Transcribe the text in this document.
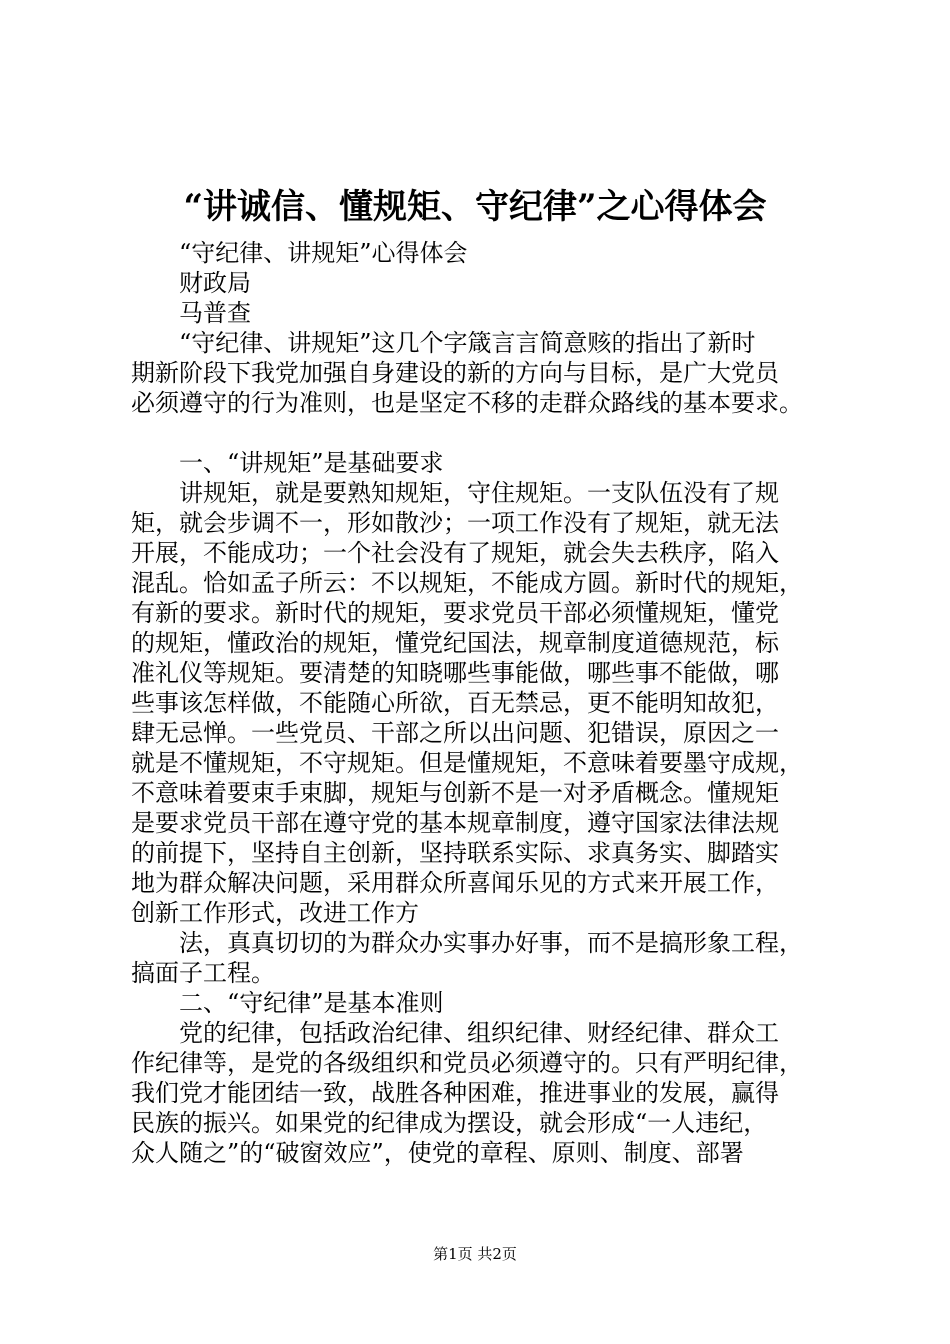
“讲诚信、懂规矩、守纪律”之心得体会
“守纪律、讲规矩”心得体会
财政局
马普查
“守纪律、讲规矩”这几个字箴言言简意赅的指出了新时
期新阶段下我党加强自身建设的新的方向与目标，是广大党员
必须遵守的行为准则，也是坚定不移的走群众路线的基本要求。
一、“讲规矩”是基础要求
讲规矩，就是要熟知规矩，守住规矩。一支队伍没有了规
矩，就会步调不一，形如散沙；一项工作没有了规矩，就无法
开展，不能成功；一个社会没有了规矩，就会失去秩序，陷入
混乱。恰如孟子所云：不以规矩，不能成方圆。新时代的规矩，
有新的要求。新时代的规矩，要求党员干部必须懂规矩，懂党
的规矩，懂政治的规矩，懂党纪国法，规章制度道德规范，标
准礼仪等规矩。要清楚的知晓哪些事能做，哪些事不能做，哪
些事该怎样做，不能随心所欲，百无禁忌，更不能明知故犯，
肆无忌惮。一些党员、干部之所以出问题、犯错误，原因之一
就是不懂规矩，不守规矩。但是懂规矩，不意味着要墨守成规，
不意味着要束手束脚，规矩与创新不是一对矛盾概念。懂规矩
是要求党员干部在遵守党的基本规章制度，遵守国家法律法规
的前提下，坚持自主创新，坚持联系实际、求真务实、脚踏实
地为群众解决问题，采用群众所喜闻乐见的方式来开展工作，
创新工作形式，改进工作方
法，真真切切的为群众办实事办好事，而不是搞形象工程，
搞面子工程。
二、“守纪律”是基本准则
党的纪律，包括政治纪律、组织纪律、财经纪律、群众工
作纪律等，是党的各级组织和党员必须遵守的。只有严明纪律，
我们党才能团结一致，战胜各种困难，推进事业的发展，赢得
民族的振兴。如果党的纪律成为摆设，就会形成“一人违纪，
众人随之”的“破窗效应”，使党的章程、原则、制度、部署
第1页 共2页
